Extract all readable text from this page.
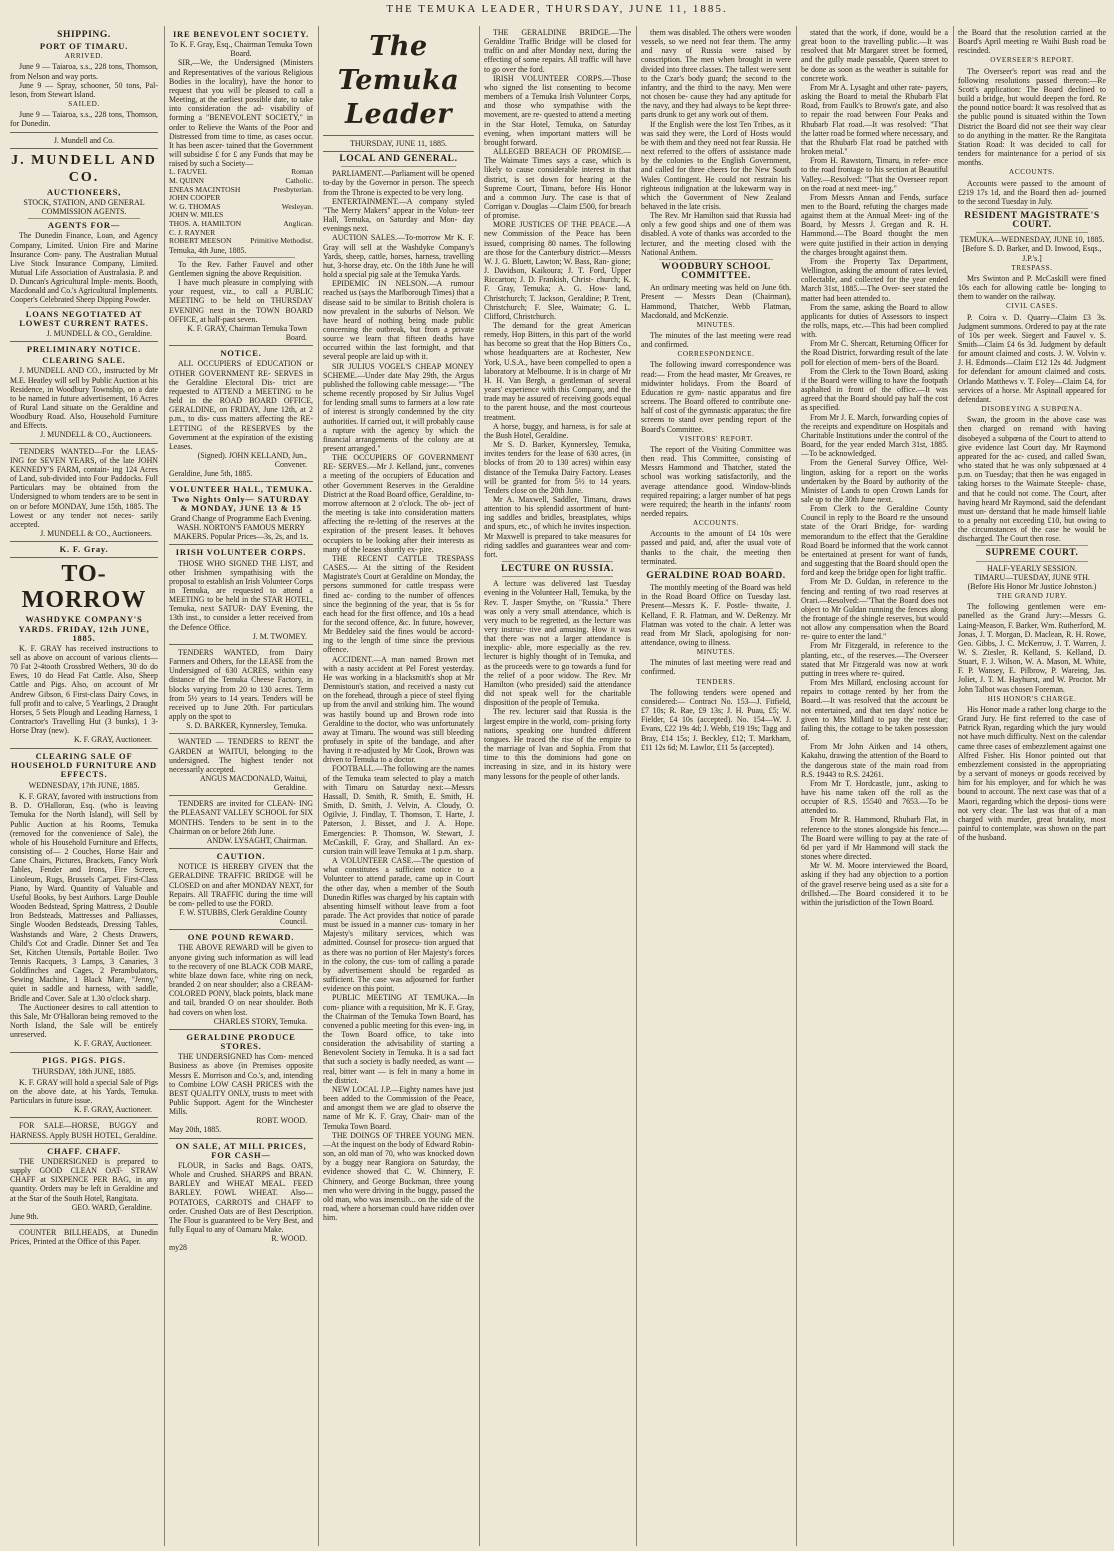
THE TEMUKA LEADER, THURSDAY, JUNE 11, 1885.
SHIPPING.
PORT OF TIMARU.
ARRIVED.

June 9 — Taiaroa, s.s., 228 tons, Thomson, from Nelson and way ports.

June 9 — Spray, schooner, 50 tons, Pal- leson, from Stewart Island.

SAILED.

June 9 — Taiaroa, s.s., 228 tons, Thomson, for Dunedin.

J. Mundell and Co.
J. MUNDELL AND CO.
AUCTIONEERS,
STOCK, STATION, AND GENERAL COMMISSION AGENTS.
AGENTS FOR—

The Dunedin Finance, Loan, and Agency Company, Limited. Union Fire and Marine Insurance Com- pany. The Australian Mutual Live Stock Insurance Company, Limited. Mutual Life Association of Australasia. P. and D. Duncan's Agricultural Imple- ments. Booth, Macdonald and Co.'s Agricultural Implements. Cooper's Celebrated Sheep Dipping Powder.

LOANS NEGOTIATED AT LOWEST CURRENT RATES.
J. MUNDELL & CO., Geraldine.
PRELIMINARY NOTICE.
CLEARING SALE.

J. MUNDELL AND CO., instructed by Mr M.E. Heatley will sell by Public Auction at his Residence, in Woodbury Township, on a date to be named in future advertisement, 16 Acres of Rural Land situate on the Geraldine and Woodbury Road. Also, Household Furniture and Effects.

J. MUNDELL & CO., Auctioneers.

TENDERS WANTED—For the LEAS- ING for SEVEN YEARS, of the late JOHN KENNEDY'S FARM, contain- ing 124 Acres of Land, sub-divided into Four Paddocks. Full Particulars may be obtained from the Undersigned to whom tenders are to be sent in on or before MONDAY, June 15th, 1885. The Lowest or any tender not neces- sarily accepted.

J. MUNDELL & CO., Auctioneers.
K. F. Gray.
TO-MORROW
WASHDYKE COMPANY'S YARDS. FRIDAY, 12th JUNE, 1885.

K. F. GRAY has received instructions to sell as above on account of various clients— 70 Fat 2-4tooth Crossbred Wethers, 30 do do Ewes, 10 do Head Fat Cattle. Also, Sheep Cattle and Pigs. Also, on account of Mr Andrew Gibson, 6 First-class Dairy Cows, in full profit and to calve, 5 Yearlings, 2 Draught Horses, 5 Sets Plough and Leading Harness, 1 Contractor's Travelling Hut (3 bunks), 1 3-Horse Dray (new).

K. F. GRAY, Auctioneer.
CLEARING SALE OF HOUSEHOLD FURNITURE AND EFFECTS.
WEDNESDAY, 17th JUNE, 1885.

K. F. GRAY, favored with instructions from B. D. O'Halloran, Esq. (who is leaving Temuka for the North Island), will Sell by Public Auction at his Rooms, Temuka (removed for the convenience of Sale), the whole of his Household Furniture and Effects, consisting of— 2 Couches, Horse Hair and Cane Chairs, Pictures, Brackets, Fancy Work Tables, Fender and Irons, Fire Screen, Linoleum, Rugs, Brussels Carpet. First-Class Piano, by Ward. Quantity of Valuable and Useful Books, by best Authors. Large Double Wooden Bedstead, Spring Mattress, 2 Double Iron Bedsteads, Mattresses and Palliasses, Single Wooden Bedsteads, Dressing Tables, Washstands and Ware, 2 Chests Drawers, Child's Cot and Cradle. Dinner Set and Tea Set, Kitchen Utensils, Portable Boiler. Two Tennis Racquets, 3 Lamps, 3 Canaries, 3 Goldfinches and Cages, 2 Perambulators, Sewing Machine, 1 Black Mare, "Jenny," quiet in saddle and harness, with saddle, Bridle and Cover. Sale at 1.30 o'clock sharp.

The Auctioneer desires to call attention to this Sale, Mr O'Halloran being removed to the North Island, the Sale will be entirely unreserved.

K. F. GRAY, Auctioneer.
PIGS. PIGS. PIGS.
THURSDAY, 18th JUNE, 1885.

K. F. GRAY will hold a special Sale of Pigs on the above date, at his Yards, Temuka. Particulars in future issue.

K. F. GRAY, Auctioneer.

FOR SALE—HORSE, BUGGY and HARNESS. Apply BUSH HOTEL, Geraldine.

CHAFF. CHAFF.

THE UNDERSIGNED is prepared to supply GOOD CLEAN OAT- STRAW CHAFF at SIXPENCE PER BAG, in any quantity. Orders may be left in Geraldine and at the Star of the South Hotel, Rangitata.

GEO. WARD, Geraldine.
June 9th.

COUNTER BILLHEADS, at Dunedin Prices, Printed at the Office of this Paper.

IRE BENEVOLENT SOCIETY.
To K. F. Gray, Esq., Chairman Temuka Town Board.

SIR,—We, the Undersigned (Ministers and Representatives of the various Religious Bodies in the locality), have the honor to request that you will be pleased to call a Meeting, at the earliest possible date, to take into consideration the ad- visability of forming a "BENEVOLENT SOCIETY," in order to Relieve the Wants of the Poor and Distressed from time to time, as cases occur. It has been ascer- tained that the Government will subsidise £ for £ any Funds that may be raised by such a Society—

L. FAUVEL	Roman
M. QUINN	Catholic.
ENEAS MACINTOSH	Presbyterian.
JOHN COOPER
W. G. THOMAS	Wesleyan.
JOHN W. MILES
THOS. A. HAMILTON	Anglican.
C. J. RAYNER
ROBERT MEESON Primitive Methodist.
Temuka, 4th June, 1885.

To the Rev. Father Fauvel and other Gentlemen signing the above Requisition.

I have much pleasure in complying with your request, viz., to call a PUBLIC MEETING to be held on THURSDAY EVENING next in the TOWN BOARD OFFICE, at half-past seven.

K. F. GRAY, Chairman Temuka Town Board.
NOTICE.

ALL OCCUPIERS of EDUCATION or OTHER GOVERNMENT RE- SERVES in the Geraldine Electoral Dis- trict are requested to ATTEND a MEETING to be held in the ROAD BOARD OFFICE, GERALDINE, on FRIDAY, June 12th, at 2 p.m., to dis- cuss matters affecting the RE-LETTING of the RESERVES by the Government at the expiration of the existing Leases.

(Signed). JOHN KELLAND, Jun., Convener.
Geraldine, June 5th, 1885.
VOLUNTEER HALL, TEMUKA. Two Nights Only— SATURDAY & MONDAY, JUNE 13 & 15
Grand Change of Programme Each Evening. WASH. NORTON'S FAMOUS MERRY MAKERS. Popular Prices—3s, 2s, and 1s.
IRISH VOLUNTEER CORPS.

THOSE WHO SIGNED THE LIST, and other Irishmen sympathising with the proposal to establish an Irish Volunteer Corps in Temuka, are requested to attend a MEETING to be held in the STAR HOTEL, Temuka, next SATUR- DAY Evening, the 13th inst., to consider a letter received from the Defence Office.

J. M. TWOMEY.

TENDERS WANTED, from Dairy Farmers and Others, for the LEASE from the Undersigned of 630 ACRES, within easy distance of the Temuka Cheese Factory, in blocks varying from 20 to 130 acres. Term from 5½ years to 14 years. Tenders will be received up to June 20th. For particulars apply on the spot to

S. D. BARKER, Kynnersley, Temuka.

WANTED — TENDERS to RENT the GARDEN at WAITUI, belonging to the undersigned. The highest tender not necessarily accepted.

ANGUS MACDONALD, Waitui, Geraldine.

TENDERS are invited for CLEAN- ING the PLEASANT VALLEY SCHOOL for SIX MONTHS. Tenders to be sent in to the Chairman on or before 26th June.

ANDW. LYSAGHT, Chairman.
CAUTION.

NOTICE IS HEREBY GIVEN that the GERALDINE TRAFFIC BRIDGE will be CLOSED on and after MONDAY NEXT, for Repairs. All TRAFFIC during the time will be com- pelled to use the FORD.

F. W. STUBBS, Clerk Geraldine County Council.
ONE POUND REWARD.

THE ABOVE REWARD will be given to anyone giving such information as will lead to the recovery of one BLACK COB MARE, white blaze down face, white ring on neck, branded 2 on near shoulder; also a CREAM- COLORED PONY, black points, black mane and tail, branded O on near shoulder. Both had covers on when lost.

CHARLES STORY, Temuka.
GERALDINE PRODUCE STORES.

THE UNDERSIGNED has Com- menced Business as above (in Premises opposite Messrs E. Morrison and Co.'s, and, intending to Combine LOW CASH PRICES with the BEST QUALITY ONLY, trusts to meet with Public Support. Agent for the Winchester Mills.

ROBT. WOOD.
May 20th, 1885.
ON SALE, AT MILL PRICES, FOR CASH—

FLOUR, in Sacks and Bags. OATS, Whole and Crushed. SHARPS and BRAN. BARLEY and WHEAT MEAL. FEED BARLEY. FOWL WHEAT. Also—POTATOES, CARROTS and CHAFF to order. Crushed Oats are of Best Description. The Flour is guaranteed to be Very Best, and fully Equal to any of Oamaru Make.

R. WOOD.
my28
The Temuka Leader
THURSDAY, JUNE 11, 1885.
LOCAL AND GENERAL.

PARLIAMENT.—Parliament will be opened to-day by the Governor in person. The speech from the Throne is expected to be very long.

ENTERTAINMENT.—A company styled "The Merry Makers" appear in the Volun- teer Hall, Temuka, on Saturday and Mon- day evenings next.

AUCTION SALES.—To-morrow Mr K. F. Gray will sell at the Washdyke Company's Yards, sheep, cattle, horses, harness, travelling hut, 3-horse dray, etc. On the 18th June he will hold a special pig sale at the Temuka Yards.

EPIDEMIC IN NELSON.—A rumour reached us (says the Marlborough Times) that a disease said to be similar to British cholera is now prevalent in the suburbs of Nelson. We have heard of nothing being made public concerning the outbreak, but from a private source we learn that fifteen deaths have occurred within the last fortnight, and that several people are laid up with it.

SIR JULIUS VOGEL'S CHEAP MONEY SCHEME.—Under date May 29th, the Argus published the following cable message:— "The scheme recently proposed by Sir Julius Vogel for lending small sums to farmers at a low rate of interest is strongly condemned by the city authorities. If carried out, it will probably cause a rupture with the agency by which the financial arrangements of the colony are at present arranged."

THE OCCUPIERS OF GOVERNMENT RE- SERVES.—Mr J. Kelland, junr., convenes a meeting of the occupiers of Education and other Government Reserves in the Geraldine District at the Road Board office, Geraldine, to-morrow afternoon at 2 o'clock. The ob- ject of the meeting is take into consideration matters affecting the re-letting of the reserves at the expiration of the present leases. It behoves occupiers to be looking after their interests as many of the leases shortly ex- pire.

THE RECENT CATTLE TRESPASS CASES.— At the sitting of the Resident Magistrate's Court at Geraldine on Monday, the persons summoned for cattle trespass were fined ac- cording to the number of offences since the beginning of the year, that is 5s for each head for the first offence, and 10s a head for the second offence, &c. In future, however, Mr Beddeley said the fines would be accord- ing to the length of time since the previous offence.

ACCIDENT.—A man named Brown met with a nasty accident at Pel Forest yesterday. He was working in a blacksmith's shop at Mr Dennistoun's station, and received a nasty cut on the forehead, through a piece of steel flying up from the anvil and striking him. The wound was hastily bound up and Brown rode into Geraldine to the doctor, who was unfortunately away at Timaru. The wound was still bleeding profusely in spite of the bandage, and after having it re-adjusted by Mr Cook, Brown was driven to Temuka to a doctor.

FOOTBALL.—The following are the names of the Temuka team selected to play a match with Timaru on Saturday next:—Messrs Hassall, D. Smith, R. Smith, E. Smith, H. Smith, D. Smith, J. Velvin, A. Cloudy, O. Ogilvie, J. Findlay, T. Thomson, T. Harte, J. Paterson, J. Bisset, and J. A. Hope. Emergencies: P. Thomson, W. Stewart, J. McCaskill, F. Gray, and Shallard. An ex- cursion train will leave Temuka at 1 p.m. sharp.

A VOLUNTEER CASE.—The question of what constitutes a sufficient notice to a Volunteer to attend parade, came up in Court the other day, when a member of the South Dunedin Rifles was charged by his captain with absenting himself without leave from a foot parade. The Act provides that notice of parade must be issued in a manner cus- tomary in her Majesty's military services, which was admitted. Counsel for prosecu- tion argued that as there was no portion of Her Majesty's forces in the colony, the cus- tom of calling a parade by advertisement should be regarded as sufficient. The case was adjourned for further evidence on this point.

PUBLIC MEETING AT TEMUKA.—In com- pliance with a requisition, Mr K. F. Gray, the Chairman of the Temuka Town Board, has convened a public meeting for this even- ing, in the Town Board office, to take into consideration the advisability of starting a Benevolent Society in Temuka. It is a sad fact that such a society is badly needed, as want — real, bitter want — is felt in many a home in the district.

NEW LOCAL J.P.—Eighty names have just been added to the Commission of the Peace, and amongst them we are glad to observe the name of Mr K. F. Gray, Chair- man of the Temuka Town Board.

THE DOINGS OF THREE YOUNG MEN.—At the inquest on the body of Edward Robin- son, an old man of 70, who was knocked down by a buggy near Rangiora on Saturday, the evidence showed that C. W. Chinnery, F. Chinnery, and George Buckman, three young men who were driving in the buggy, passed the old man, who was insensib... on the side of the road, where a horseman could have ridden over him.

THE GERALDINE BRIDGE.—The Geraldine Traffic Bridge will be closed for traffic on and after Monday next, during the effecting of some repairs. All traffic will have to go over the ford.

IRISH VOLUNTEER CORPS.—Those who signed the list consenting to become members of a Temuka Irish Volunteer Corps, and those who sympathise with the movement, are re- quested to attend a meeting in the Star Hotel, Temuka, on Saturday evening, when important matters will be brought forward.

ALLEGED BREACH OF PROMISE.—The Waimate Times says a case, which is likely to cause considerable interest in that district, is set down for hearing at the Supreme Court, Timaru, before His Honor and a common Jury. The case is that of Corrigan v. Douglas —Claim £500, for breach of promise.

MORE JUSTICES OF THE PEACE.—A new Commission of the Peace has been issued, comprising 80 names. The following are those for the Canterbury district:—Messrs W. J. G. Bluett, Lawton; W. Bass, Ran- gione; J. Davidson, Kaikoura; J. T. Ford, Upper Riccarton; J. D. Frankish, Christ- church; K. F. Gray, Temuka; A. G. How- land, Christchurch; T. Jackson, Geraldine; P. Trent, Christchurch; F. Slee, Waimate; G. L. Clifford, Christchurch.

The demand for the great American remedy, Hop Bitters, in this part of the world has become so great that the Hop Bitters Co., whose headquarters are at Rochester, New York, U.S.A., have been compelled to open a laboratory at Melbourne. It is in charge of Mr H. H. Van Bergh, a gentleman of several years' experience with this Company, and the trade may be assured of receiving goods equal to the parent house, and the most courteous treatment.

A horse, buggy, and harness, is for sale at the Bush Hotel, Geraldine.

Mr S. D. Barker, Kynnersley, Temuka, invites tenders for the lease of 630 acres, (in blocks of from 20 to 130 acres) within easy distance of the Temuka Dairy Factory. Leases will be granted for from 5½ to 14 years. Tenders close on the 20th June.

Mr A. Maxwell, Saddler, Timaru, draws attention to his splendid assortment of hunt- ing saddles and bridles, breastplates, whips and spurs, etc., of which he invites inspection. Mr Maxwell is prepared to take measures for riding saddles and guarantees wear and com- fort.

LECTURE ON RUSSIA.

A lecture was delivered last Tuesday evening in the Volunteer Hall, Temuka, by the Rev. T. Jasper Smythe, on "Russia." There was only a very small attendance, which is very much to be regretted, as the lecture was very instruc- tive and amusing. How it was that there was not a larger attendance is inexplic- able, more especially as the rev. lecturer is highly thought of in Temuka, and as the proceeds were to go towards a fund for the relief of a poor widow. The Rev. Mr Hamilton (who presided) said the attendance did not speak well for the charitable disposition of the people of Temuka.

The rev. lecturer said that Russia is the largest empire in the world, com- prising forty nations, speaking one hundred different tongues. He traced the rise of the empire to the marriage of Ivan and Sophia. From that time to this the dominions had gone on increasing in size, and in its history were many lessons for the people of other lands.

them was disabled. The others were wooden vessels, so we need not fear them. The army and navy of Russia were raised by conscription. The men when brought in were divided into three classes. The tallest were sent to the Czar's body guard; the second to the infantry, and the third to the navy. Men were not chosen be- cause they had any aptitude for the navy, and they had always to be kept three- parts drunk to get any work out of them.

If the English were the lost Ten Tribes, as it was said they were, the Lord of Hosts would be with them and they need not fear Russia. He next referred to the offers of assistance made by the colonies to the English Government, and called for three cheers for the New South Wales Contingent. He could not restrain his righteous indignation at the lukewarm way in which the Government of New Zealand behaved in the late crisis.

The Rev. Mr Hamilton said that Russia had only a few good ships and one of them was disabled. A vote of thanks was accorded to the lecturer, and the meeting closed with the National Anthem.

WOODBURY SCHOOL COMMITTEE.

An ordinary meeting was held on June 6th. Present — Messrs Dean (Chairman), Hammond, Thatcher, Webb Flatman, Macdonald, and McKenzie.

MINUTES.

The minutes of the last meeting were read and confirmed.

CORRESPONDENCE.

The following inward correspondence was read:— From the head master, Mr Greaves, re midwinter holidays. From the Board of Education re gym- nastic apparatus and fire screens. The Board offered to contribute one-half of cost of the gymnastic apparatus; the fire screens to stand over pending report of the Board's Committee.

VISITORS' REPORT.

The report of the Visiting Committee was then read. This Committee, consisting of Messrs Hammond and Thatcher, stated the school was working satisfactorily, and the average attendance good. Window-blinds required repairing; a larger number of hat pegs were required; the hearth in the infants' room needed repairs.

ACCOUNTS.

Accounts to the amount of £4 10s were passed and paid, and, after the usual vote of thanks to the chair, the meeting then terminated.

GERALDINE ROAD BOARD.

The monthly meeting of the Board was held in the Road Board Office on Tuesday last. Present—Messrs K. F. Postle- thwaite, J. Kelland, F. R. Flatman, and W. DeRenzy. Mr Flatman was voted to the chair. A letter was read from Mr Slack, apologising for non-attendance, owing to illness.

MINUTES.

The minutes of last meeting were read and confirmed.

TENDERS.

The following tenders were opened and considered:— Contract No. 153—J. Fitfield, £7 10s; R. Rae, £9 13s; J. H. Puau, £5; W. Fielder, £4 10s (accepted). No. 154—W. J. Evans, £22 19s 4d; J. Webb, £19 19s; Tagg and Bray, £14 15s; J. Beckley, £12; T. Markham, £11 12s 6d; M. Lawlor, £11 5s (accepted).

stated that the work, if done, would be a great boon to the travelling public.—It was resolved that Mr Margaret street be formed, and the gully made passable, Queen street to be done as soon as the weather is suitable for concrete work.

From Mr A. Lysaght and other rate- payers, asking the Board to metal the Rhubarb Flat Road, from Faulk's to Brown's gate, and also to repair the road between Four Peaks and Rhubarb Flat road.—It was resolved: "That the latter road be formed where necessary, and that the Rhubarb Flat road be patched with broken metal."

From H. Rawstorn, Timaru, in refer- ence to the road frontage to his section at Beautiful Valley.—Resolved: "That the Overseer report on the road at next meet- ing."

From Messrs Annan and Fends, surface men to the Board, refuting the charges made against them at the Annual Meet- ing of the Board, by Messrs J. Gregan and R. H. Hammond.—The Board thought the men were quite justified in their action in denying the charges brought against them.

From the Property Tax Department, Wellington, asking the amount of rates levied, collectable, and collected for the year ended March 31st, 1885.—The Over- seer stated the matter had been attended to.

From the same, asking the Board to allow applicants for duties of Assessors to inspect the rolls, maps, etc.—This had been complied with.

From Mr C. Shercatt, Returning Officer for the Road District, forwarding result of the late poll for election of mem- bers of the Board.

From the Clerk to the Town Board, asking if the Board were willing to have the footpath asphalted in front of the office.—It was agreed that the Board should pay half the cost as specified.

From Mr J. E. March, forwarding copies of the receipts and expenditure on Hospitals and Charitable Institutions under the control of the Board, for the year ended March 31st, 1885.—To be acknowledged.

From the General Survey Office, Wel- lington, asking for a report on the works undertaken by the Board by authority of the Minister of Lands to open Crown Lands for sale up to the 30th June next.

From Clerk to the Geraldine County Council in reply to the Board re the unsound state of the Orari Bridge, for- warding memorandum to the effect that the Geraldine Road Board be informed that the work cannot be entertained at present for want of funds, and suggesting that the Board should open the ford and keep the bridge open for light traffic.

From Mr D. Guldan, in reference to the fencing and renting of two road reserves at Orari.—Resolved:—"That the Board does not object to Mr Guldan running the fences along the frontage of the shingle reserves, but would not allow any compensation when the Board re- quire to enter the land."

From Mr Fitzgerald, in reference to the planting, etc., of the reserves.—The Overseer stated that Mr Fitzgerald was now at work putting in trees where re- quired.

From Mrs Millard, enclosing account for repairs to cottage rented by her from the Board.—It was resolved that the account be not entertained, and that ten days' notice be given to Mrs Millard to pay the rent due; failing this, the cottage to be taken possession of.

From Mr John Aitken and 14 others, Kakahu, drawing the attention of the Board to the dangerous state of the main road from R.S. 19443 to R.S. 24261.

From Mr T. Hordcastle, junr., asking to have his name taken off the roll as the occupier of R.S. 15540 and 7653.—To be attended to.

From Mr R. Hammond, Rhubarb Flat, in reference to the stones alongside his fence.—The Board were willing to pay at the rate of 6d per yard if Mr Hammond will stack the stones where directed.

Mr W. M. Moore interviewed the Board, asking if they had any objection to a portion of the gravel reserve being used as a site for a drillshed.—The Board considered it to be within the jurisdiction of the Town Board.

the Board that the resolution carried at the Board's April meeting re Waihi Bush road be rescinded.

OVERSEER'S REPORT.

The Overseer's report was read and the following resolutions passed thereon:—Re Scott's application: The Board declined to build a bridge, but would deepen the ford. Re the pound notice board: It was resolved that as the public pound is situated within the Town District the Board did not see their way clear to do anything in the matter. Re the Rangitata Station Road: It was decided to call for tenders for maintenance for a period of six months.

ACCOUNTS.

Accounts were passed to the amount of £219 17s 1d, and the Board then ad- journed to the second Tuesday in July.

RESIDENT MAGISTRATE'S COURT.
TEMUKA—WEDNESDAY, JUNE 10, 1885.
[Before S. D. Barker, and D. Inwood, Esqs., J.P.'s.]
TRESPASS.

Mrs Swinton and P. McCaskill were fined 10s each for allowing cattle be- longing to them to wander on the railway.

CIVIL CASES.

P. Coira v. D. Quarry—Claim £3 3s. Judgment summons. Ordered to pay at the rate of 10s per week. Siegert and Fauvel v. S. Smith—Claim £4 6s 3d. Judgment by default for amount claimed and costs. J. W. Volvin v. J. H. Edmonds—Claim £12 12s 4d. Judgment for defendant for amount claimed and costs. Orlando Matthews v. T. Foley—Claim £4, for services of a horse. Mr Aspinall appeared for defendant.

DISOBEYING A SUBPŒNA.

Swan, the groom in the above case was then charged on remand with having disobeyed a subpœna of the Court to attend to give evidence last Court day. Mr Raymond appeared for the ac- cused, and called Swan, who stated that he was only subpœnaed at 4 p.m. on Tuesday; that then he was engaged in taking horses to the Waimate Steeple- chase, and that he could not come. The Court, after having heard Mr Raymond, said the defendant must un- derstand that he made himself liable to a penalty not exceeding £10, but owing to the circumstances of the case he would be discharged. The Court then rose.

SUPREME COURT.
HALF-YEARLY SESSION.
TIMARU—TUESDAY, JUNE 9TH.
(Before His Honor Mr Justice Johnston.)
THE GRAND JURY.

The following gentlemen were em- panelled as the Grand Jury:—Messrs G. Laing-Meason, F. Barker, Wm. Rutherford, M. Jonas, J. T. Morgan, D. Maclean, R. H. Rowe, Geo. Gibbs, J. C. McKerrow, J. T. Warren, J. W. S. Ziesler, R. Kelland, S. Kelland, D. Stuart, F. J. Wilson, W. A. Mason, M. White, F. P. Wansey, E. Pilbrow, P. Wareing, Jas. Joliet, J. T. M. Hayhurst, and W. Proctor. Mr John Talbot was chosen Foreman.

HIS HONOR'S CHARGE.

His Honor made a rather long charge to the Grand Jury. He first referred to the case of Patrick Ryan, regarding which the jury would not have much difficulty. Next on the calendar came three cases of embezzlement against one Alfred Fisher. His Honor pointed out that embezzlement consisted in the appropriating by a servant of moneys or goods received by him for his employer, and for which he was bound to account. The next case was that of a Maori, regarding which the deposi- tions were not very clear. The last was that of a man charged with murder, great brutality, most painful to contemplate, was shown on the part of the husband.
